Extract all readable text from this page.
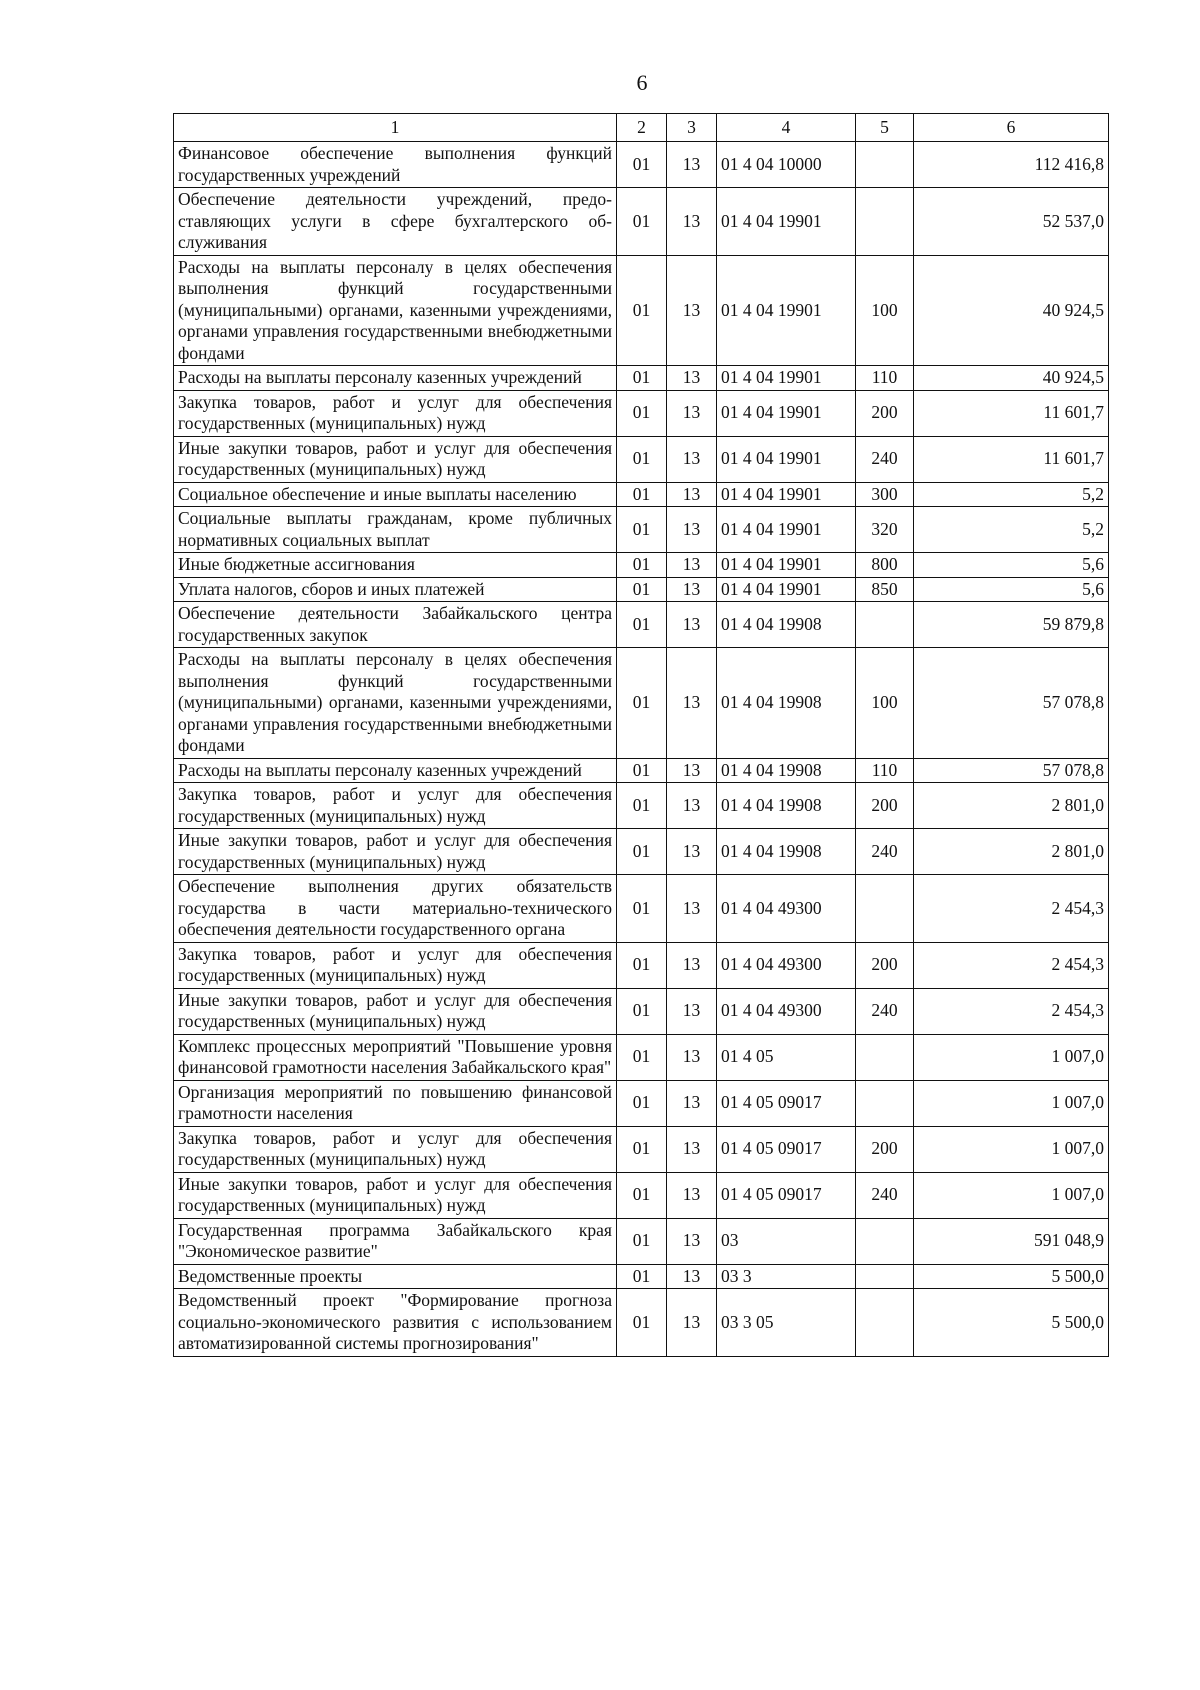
6
1	2	3	4	5	6
Финансовое обеспечение выполнения функций государственных учреждений	01	13	01 4 04 10000		112 416,8
Обеспечение деятельности учреждений, предоставляющих услуги в сфере бухгалтерского обслуживания	01	13	01 4 04 19901		52 537,0
Расходы на выплаты персоналу в целях обеспечения выполнения функций государственными (муниципальными) органами, казенными учреждениями, органами управления государственными внебюджетными фондами	01	13	01 4 04 19901	100	40 924,5
Расходы на выплаты персоналу казенных учреждений	01	13	01 4 04 19901	110	40 924,5
Закупка товаров, работ и услуг для обеспечения государственных (муниципальных) нужд	01	13	01 4 04 19901	200	11 601,7
Иные закупки товаров, работ и услуг для обеспечения государственных (муниципальных) нужд	01	13	01 4 04 19901	240	11 601,7
Социальное обеспечение и иные выплаты населению	01	13	01 4 04 19901	300	5,2
Социальные выплаты гражданам, кроме публичных нормативных социальных выплат	01	13	01 4 04 19901	320	5,2
Иные бюджетные ассигнования	01	13	01 4 04 19901	800	5,6
Уплата налогов, сборов и иных платежей	01	13	01 4 04 19901	850	5,6
Обеспечение деятельности Забайкальского центра государственных закупок	01	13	01 4 04 19908		59 879,8
Расходы на выплаты персоналу в целях обеспечения выполнения функций государственными (муниципальными) органами, казенными учреждениями, органами управления государственными внебюджетными фондами	01	13	01 4 04 19908	100	57 078,8
Расходы на выплаты персоналу казенных учреждений	01	13	01 4 04 19908	110	57 078,8
Закупка товаров, работ и услуг для обеспечения государственных (муниципальных) нужд	01	13	01 4 04 19908	200	2 801,0
Иные закупки товаров, работ и услуг для обеспечения государственных (муниципальных) нужд	01	13	01 4 04 19908	240	2 801,0
Обеспечение выполнения других обязательств государства в части материально-технического обеспечения деятельности государственного органа	01	13	01 4 04 49300		2 454,3
Закупка товаров, работ и услуг для обеспечения государственных (муниципальных) нужд	01	13	01 4 04 49300	200	2 454,3
Иные закупки товаров, работ и услуг для обеспечения государственных (муниципальных) нужд	01	13	01 4 04 49300	240	2 454,3
Комплекс процессных мероприятий "Повышение уровня финансовой грамотности населения Забайкальского края"	01	13	01 4 05		1 007,0
Организация мероприятий по повышению финансовой грамотности населения	01	13	01 4 05 09017		1 007,0
Закупка товаров, работ и услуг для обеспечения государственных (муниципальных) нужд	01	13	01 4 05 09017	200	1 007,0
Иные закупки товаров, работ и услуг для обеспечения государственных (муниципальных) нужд	01	13	01 4 05 09017	240	1 007,0
Государственная программа Забайкальского края "Экономическое развитие"	01	13	03		591 048,9
Ведомственные проекты	01	13	03 3		5 500,0
Ведомственный проект "Формирование прогноза социально-экономического развития с использованием автоматизированной системы прогнозирования"	01	13	03 3 05		5 500,0
